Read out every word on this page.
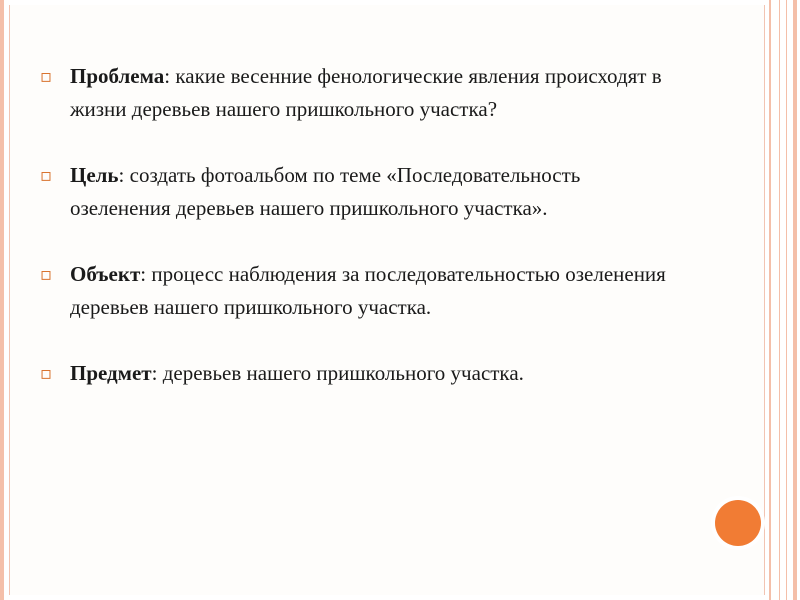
▫ Проблема: какие весенние фенологические явления происходят в жизни деревьев нашего пришкольного участка?
▫ Цель: создать фотоальбом по теме «Последовательность озеленения деревьев нашего пришкольного участка».
▫ Объект: процесс наблюдения за последовательностью озеленения деревьев нашего пришкольного участка.
▫ Предмет: деревьев нашего пришкольного участка.
